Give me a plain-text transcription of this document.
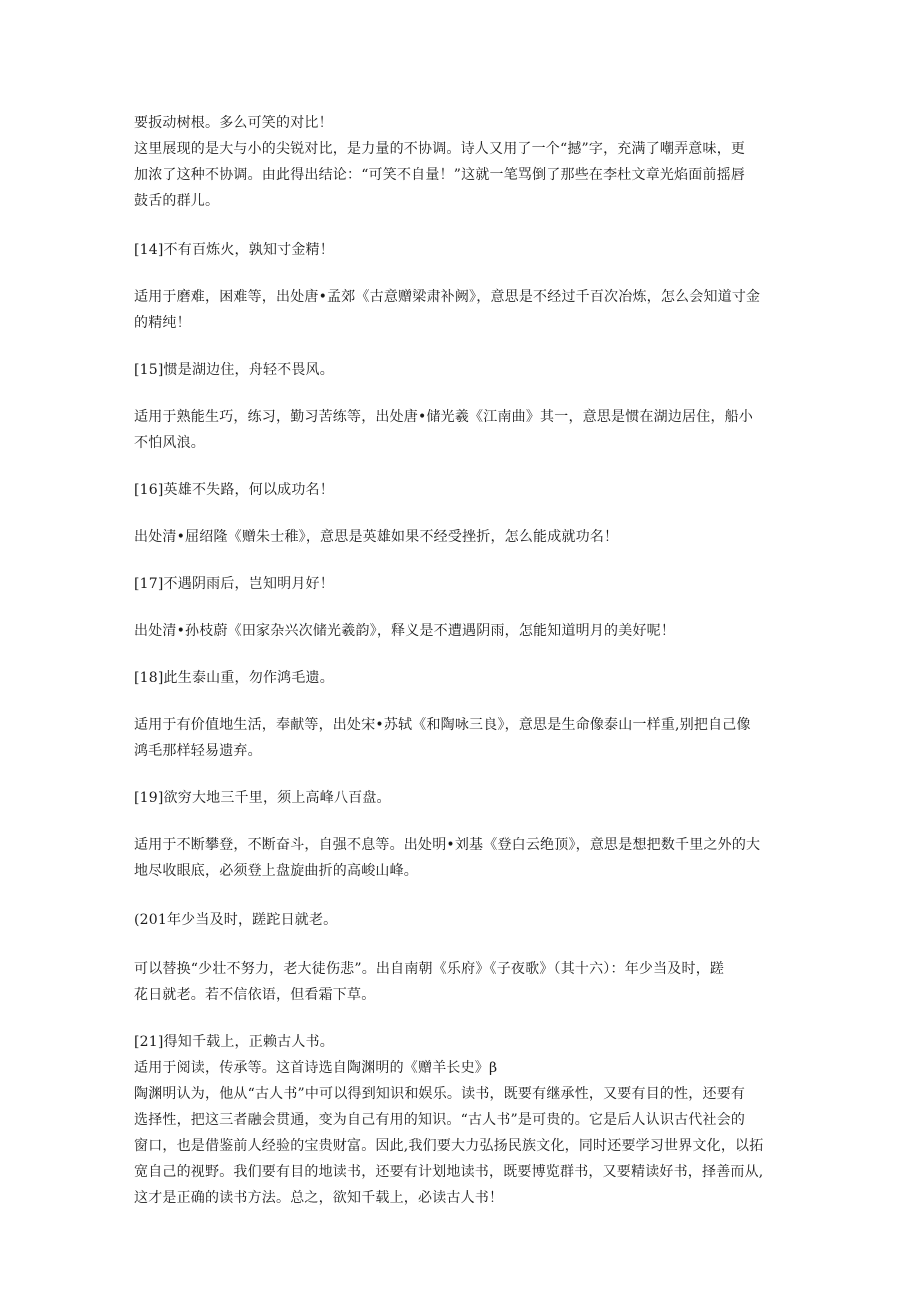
要扳动树根。多么可笑的对比！
这里展现的是大与小的尖锐对比，是力量的不协调。诗人又用了一个“撼”字，充满了嘲弄意味，更
加浓了这种不协调。由此得出结论：“可笑不自量！”这就一笔骂倒了那些在李杜文章光焰面前摇唇
鼓舌的群儿。
[14]不有百炼火，孰知寸金精！
适用于磨难，困难等，出处唐•孟郊《古意赠梁肃补阙》，意思是不经过千百次冶炼，怎么会知道寸金
的精纯！
[15]惯是湖边住，舟轻不畏风。
适用于熟能生巧，练习，勤习苦练等，出处唐•储光羲《江南曲》其一，意思是惯在湖边居住，船小
不怕风浪。
[16]英雄不失路，何以成功名！
出处清•屈绍隆《赠朱士稚》，意思是英雄如果不经受挫折，怎么能成就功名！
[17]不遇阴雨后，岂知明月好！
出处清•孙枝蔚《田家杂兴次储光羲韵》，释义是不遭遇阴雨，怎能知道明月的美好呢！
[18]此生泰山重，勿作鸿毛遗。
适用于有价值地生活，奉献等，出处宋•苏轼《和陶咏三良》，意思是生命像泰山一样重,别把自己像
鸿毛那样轻易遗弃。
[19]欲穷大地三千里，须上高峰八百盘。
适用于不断攀登，不断奋斗，自强不息等。出处明•刘基《登白云绝顶》，意思是想把数千里之外的大
地尽收眼底，必须登上盘旋曲折的高峻山峰。
(201年少当及时，蹉跎日就老。
可以替换“少壮不努力，老大徒伤悲”。出自南朝《乐府》《子夜歌》（其十六）：年少当及时，蹉
花日就老。若不信依语，但看霜下草。
[21]得知千载上，正赖古人书。
适用于阅读，传承等。这首诗选自陶渊明的《赠羊长史》β
陶渊明认为，他从“古人书”中可以得到知识和娱乐。读书，既要有继承性，又要有目的性，还要有
选择性，把这三者融会贯通，变为自己有用的知识。“古人书”是可贵的。它是后人认识古代社会的
窗口，也是借鉴前人经验的宝贵财富。因此,我们要大力弘扬民族文化，同时还要学习世界文化，以拓
宽自己的视野。我们要有目的地读书，还要有计划地读书，既要博览群书，又要精读好书，择善而从,
这才是正确的读书方法。总之，欲知千载上，必读古人书！
